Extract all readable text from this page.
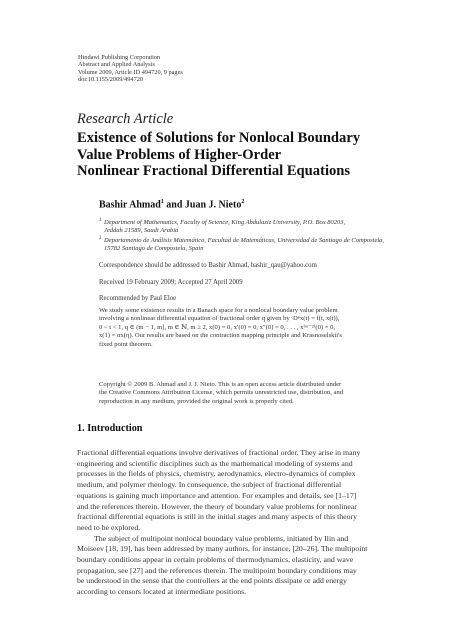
Hindawi Publishing Corporation
Abstract and Applied Analysis
Volume 2009, Article ID 494720, 9 pages
doi:10.1155/2009/494720
Research Article
Existence of Solutions for Nonlocal Boundary
Value Problems of Higher-Order
Nonlinear Fractional Differential Equations
Bashir Ahmad$^1$ and Juan J. Nieto$^2$
1 Department of Mathematics, Faculty of Science, King Abdulaziz University, P.O. Box 80203,
Jeddah 21589, Saudi Arabia
2 Departamento de Análisis Matemático, Facultad de Matemáticas, Universidad de Santiago de Compostela,
15782 Santiago de Compostela, Spain
Correspondence should be addressed to Bashir Ahmad, bashir_qau@yahoo.com
Received 19 February 2009; Accepted 27 April 2009
Recommended by Paul Eloe
We study some existence results in a Banach space for a nonlocal boundary value problem
involving a nonlinear differential equation of fractional order q given by ᶜDᵠx(t) = f(t, x(t)),
0 < t < 1, q ∈ (m − 1, m], m ∈ ℕ, m ≥ 2, x(0) = 0, x′(0) = 0, x″(0) = 0, . . . , x⁽ᵐ⁻²⁾(0) = 0,
x(1) = αx(η). Our results are based on the contraction mapping principle and Krasnoselskii's
fixed point theorem.
Copyright © 2009 B. Ahmad and J. J. Nieto. This is an open access article distributed under
the Creative Commons Attribution License, which permits unrestricted use, distribution, and
reproduction in any medium, provided the original work is properly cited.
1. Introduction
Fractional differential equations involve derivatives of fractional order. They arise in many
engineering and scientific disciplines such as the mathematical modeling of systems and
processes in the fields of physics, chemistry, aerodynamics, electro-dynamics of complex
medium, and polymer rheology. In consequence, the subject of fractional differential
equations is gaining much importance and attention. For examples and details, see [1–17]
and the references therein. However, the theory of boundary value problems for nonlinear
fractional differential equations is still in the initial stages and many aspects of this theory
need to be explored.
The subject of multipoint nonlocal boundary value problems, initiated by Ilin and
Moiseev [18, 19], has been addressed by many authors, for instance, [20–26]. The multipoint
boundary conditions appear in certain problems of thermodynamics, elasticity, and wave
propagation, see [27] and the references therein. The multipoint boundary conditions may
be understood in the sense that the controllers at the end points dissipate or add energy
according to censors located at intermediate positions.
